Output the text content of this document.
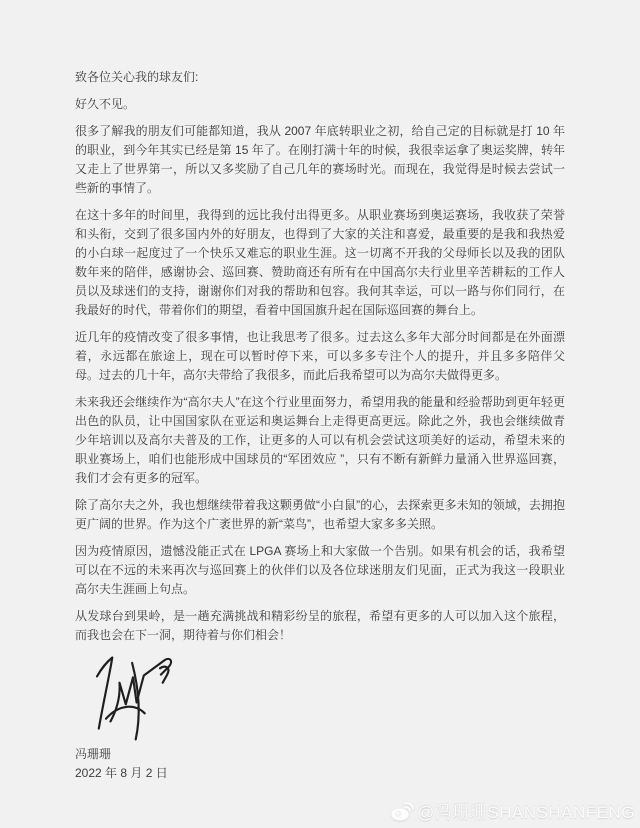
致各位关心我的球友们:

好久不见。

很多了解我的朋友们可能都知道，我从 2007 年底转职业之初，给自己定的目标就是打 10 年的职业，到今年其实已经是第 15 年了。在刚打满十年的时候，我很幸运拿了奥运奖牌，转年又走上了世界第一，所以又多奖励了自己几年的赛场时光。而现在，我觉得是时候去尝试一些新的事情了。

在这十多年的时间里，我得到的远比我付出得更多。从职业赛场到奥运赛场，我收获了荣誉和头衔，交到了很多国内外的好朋友，也得到了大家的关注和喜爱，最重要的是我和我热爱的小白球一起度过了一个快乐又难忘的职业生涯。这一切离不开我的父母师长以及我的团队数年来的陪伴，感谢协会、巡回赛、赞助商还有所有在中国高尔夫行业里辛苦耕耘的工作人员以及球迷们的支持，谢谢你们对我的帮助和包容。我何其幸运，可以一路与你们同行，在我最好的时代，带着你们的期望，看着中国国旗升起在国际巡回赛的舞台上。

近几年的疫情改变了很多事情，也让我思考了很多。过去这么多年大部分时间都是在外面漂着，永远都在旅途上，现在可以暂时停下来，可以多多专注个人的提升，并且多多陪伴父母。过去的几十年，高尔夫带给了我很多，而此后我希望可以为高尔夫做得更多。

未来我还会继续作为“高尔夫人”在这个行业里面努力，希望用我的能量和经验帮助到更年轻更出色的队员，让中国国家队在亚运和奥运舞台上走得更高更远。除此之外，我也会继续做青少年培训以及高尔夫普及的工作，让更多的人可以有机会尝试这项美好的运动，希望未来的职业赛场上，咱们也能形成中国球员的“军团效应 ”，只有不断有新鲜力量涌入世界巡回赛，我们才会有更多的冠军。

除了高尔夫之外，我也想继续带着我这颗勇做“小白鼠”的心，去探索更多未知的领域，去拥抱更广阔的世界。作为这个广袤世界的新“菜鸟”，也希望大家多多关照。

因为疫情原因，遗憾没能正式在 LPGA 赛场上和大家做一个告别。如果有机会的话，我希望可以在不远的未来再次与巡回赛上的伙伴们以及各位球迷朋友们见面，正式为我这一段职业高尔夫生涯画上句点。

从发球台到果岭，是一趟充满挑战和精彩纷呈的旅程，希望有更多的人可以加入这个旅程，而我也会在下一洞，期待着与你们相会！

冯珊珊

2022 年 8 月 2 日

@冯珊珊SHANSHANFENG
